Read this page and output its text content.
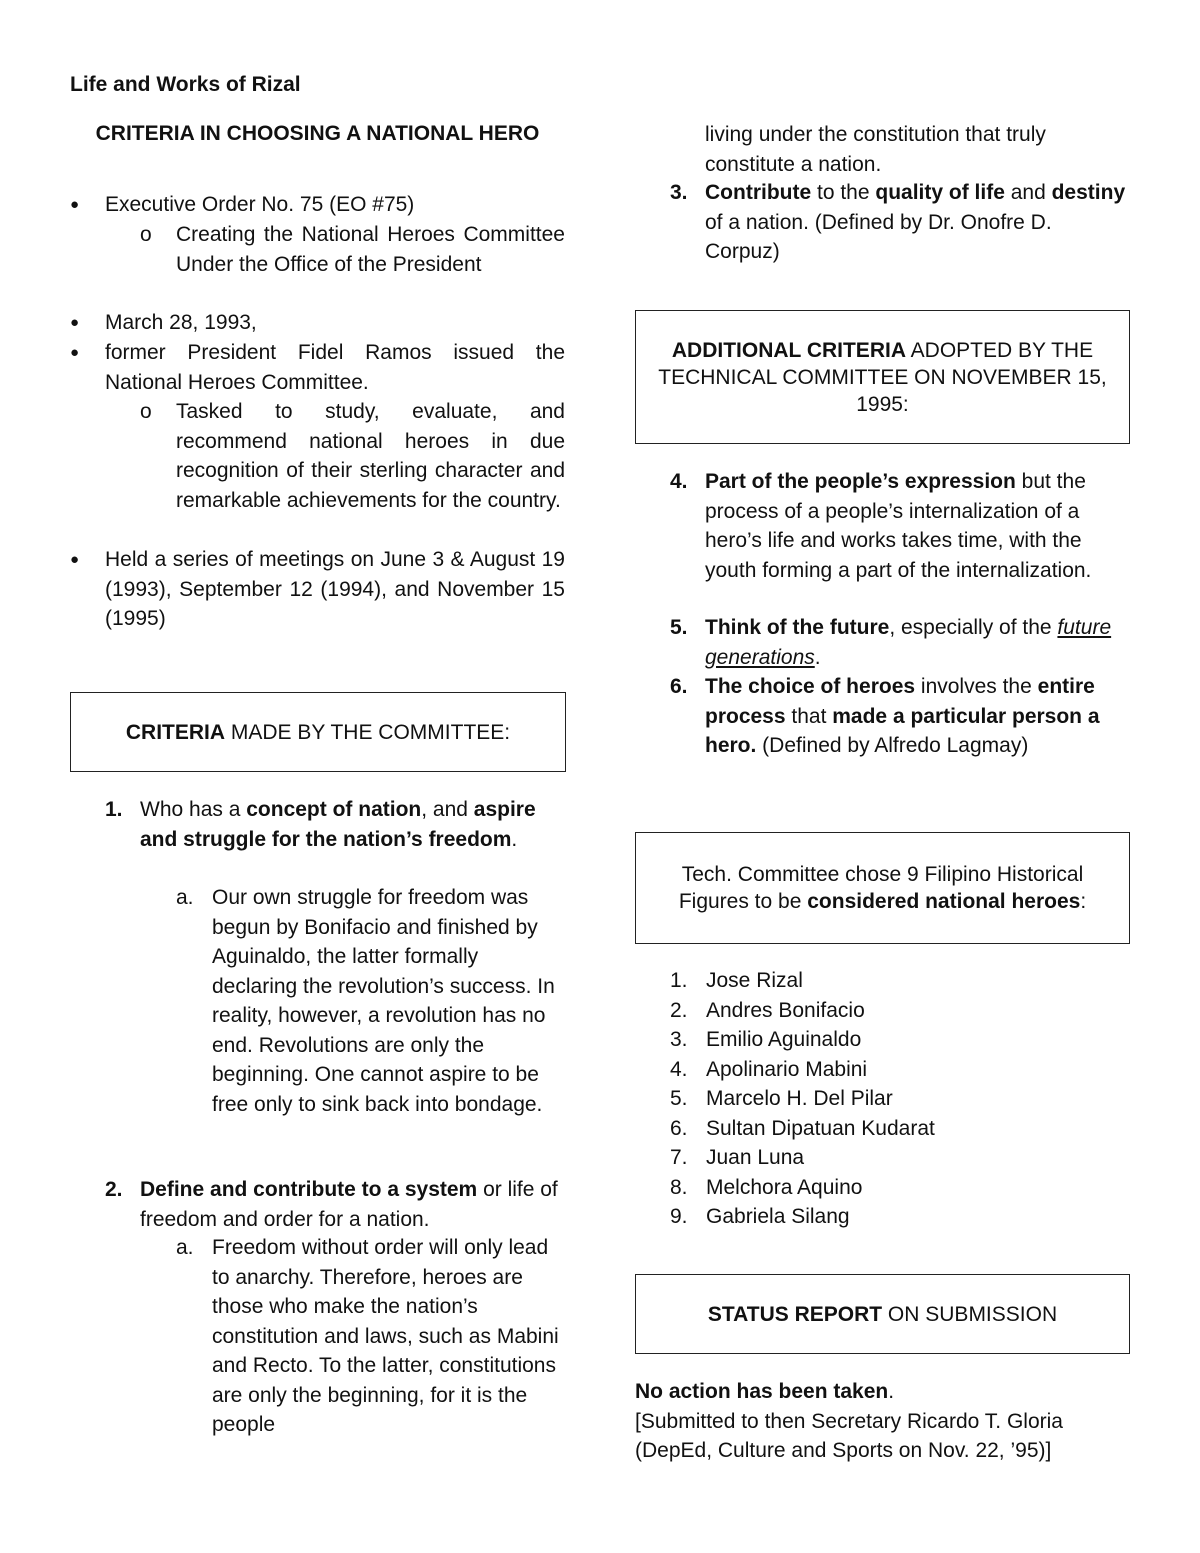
Life and Works of Rizal
CRITERIA IN CHOOSING A NATIONAL HERO
● Executive Order No. 75 (EO #75)
o Creating the National Heroes Committee Under the Office of the President
● March 28, 1993,
● former President Fidel Ramos issued the National Heroes Committee.
o Tasked to study, evaluate, and recommend national heroes in due recognition of their sterling character and remarkable achievements for the country.
● Held a series of meetings on June 3 & August 19 (1993), September 12 (1994), and November 15 (1995)
CRITERIA MADE BY THE COMMITTEE:
1. Who has a concept of nation, and aspire and struggle for the nation’s freedom.
a. Our own struggle for freedom was begun by Bonifacio and finished by Aguinaldo, the latter formally declaring the revolution’s success. In reality, however, a revolution has no end. Revolutions are only the beginning. One cannot aspire to be free only to sink back into bondage.
2. Define and contribute to a system or life of freedom and order for a nation.
a. Freedom without order will only lead to anarchy. Therefore, heroes are those who make the nation’s constitution and laws, such as Mabini and Recto. To the latter, constitutions are only the beginning, for it is the people
living under the constitution that truly constitute a nation.
3. Contribute to the quality of life and destiny of a nation. (Defined by Dr. Onofre D. Corpuz)
ADDITIONAL CRITERIA ADOPTED BY THE TECHNICAL COMMITTEE ON NOVEMBER 15, 1995:
4. Part of the people’s expression but the process of a people’s internalization of a hero’s life and works takes time, with the youth forming a part of the internalization.
5. Think of the future, especially of the future generations.
6. The choice of heroes involves the entire process that made a particular person a hero. (Defined by Alfredo Lagmay)
Tech. Committee chose 9 Filipino Historical Figures to be considered national heroes:
1. Jose Rizal
2. Andres Bonifacio
3. Emilio Aguinaldo
4. Apolinario Mabini
5. Marcelo H. Del Pilar
6. Sultan Dipatuan Kudarat
7. Juan Luna
8. Melchora Aquino
9. Gabriela Silang
STATUS REPORT ON SUBMISSION
No action has been taken.
[Submitted to then Secretary Ricardo T. Gloria (DepEd, Culture and Sports on Nov. 22, ’95)]
